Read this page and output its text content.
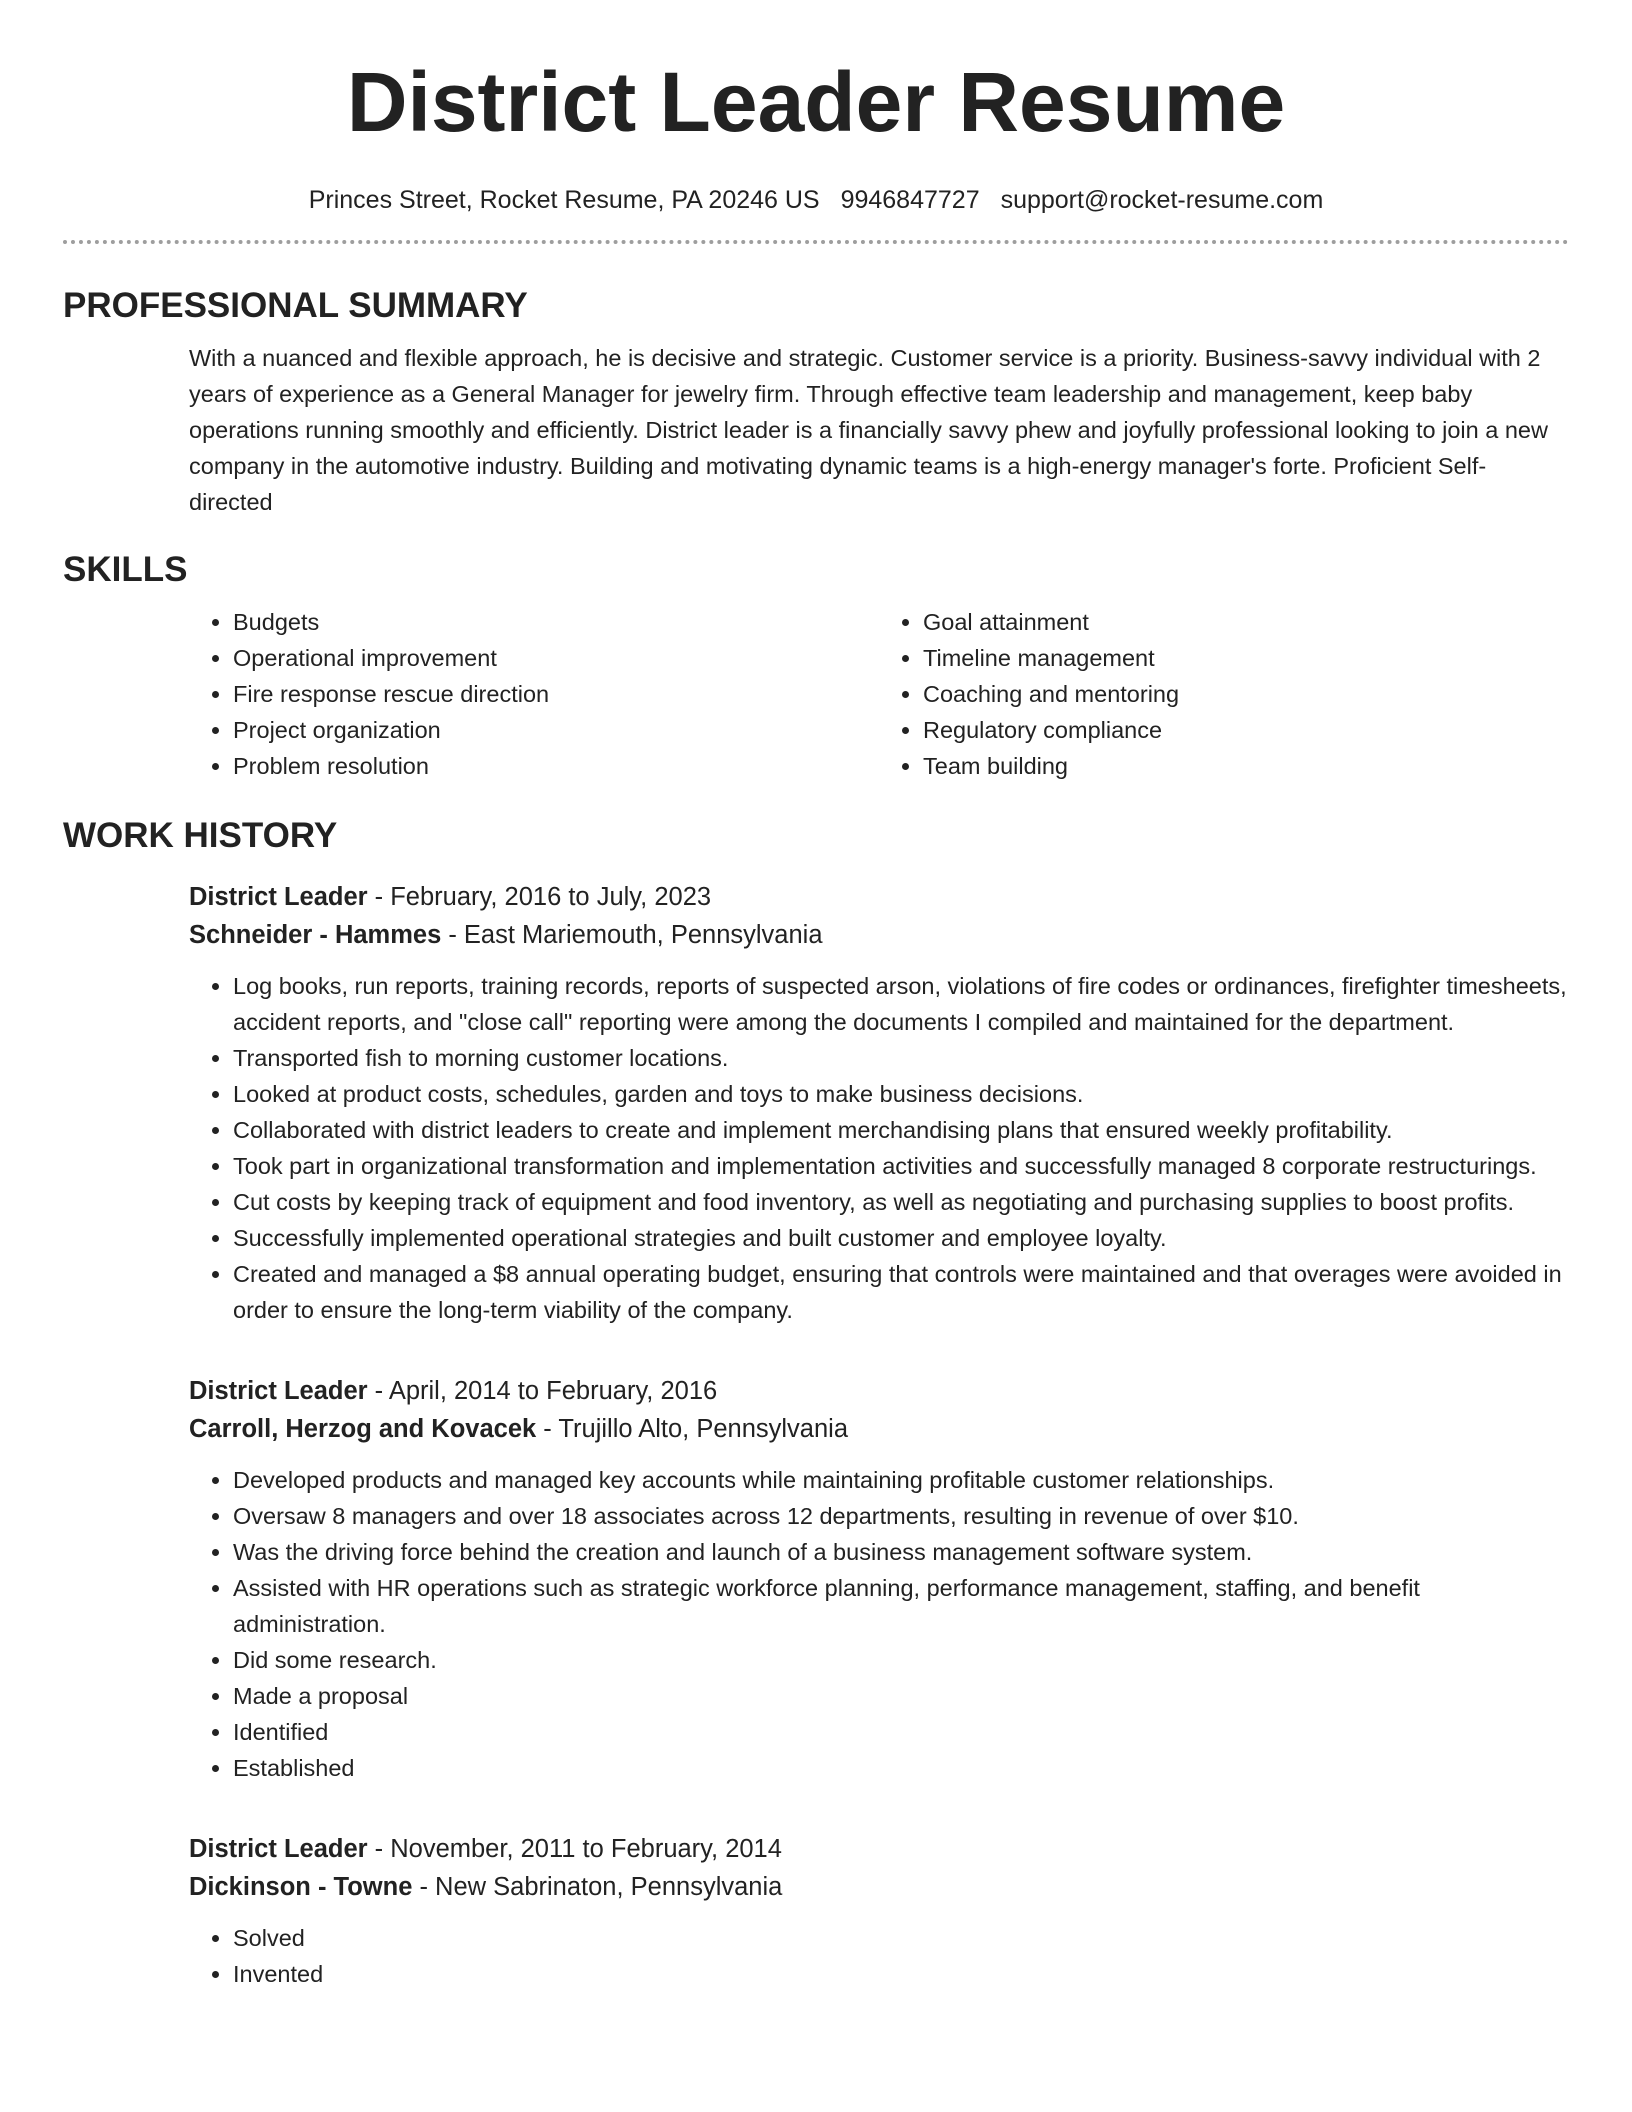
District Leader Resume
Princes Street, Rocket Resume, PA 20246 US 9946847727 support@rocket-resume.com
PROFESSIONAL SUMMARY

With a nuanced and flexible approach, he is decisive and strategic. Customer service is a priority. Business-savvy individual with 2 years of experience as a General Manager for jewelry firm. Through effective team leadership and management, keep baby operations running smoothly and efficiently. District leader is a financially savvy phew and joyfully professional looking to join a new company in the automotive industry. Building and motivating dynamic teams is a high-energy manager's forte. Proficient Self-directed

SKILLS
• Budgets
• Operational improvement
• Fire response rescue direction
• Project organization
• Problem resolution
• Goal attainment
• Timeline management
• Coaching and mentoring
• Regulatory compliance
• Team building
WORK HISTORY
District Leader - February, 2016 to July, 2023
Schneider - Hammes - East Mariemouth, Pennsylvania
• Log books, run reports, training records, reports of suspected arson, violations of fire codes or ordinances, firefighter timesheets, accident reports, and "close call" reporting were among the documents I compiled and maintained for the department.
• Transported fish to morning customer locations.
• Looked at product costs, schedules, garden and toys to make business decisions.
• Collaborated with district leaders to create and implement merchandising plans that ensured weekly profitability.
• Took part in organizational transformation and implementation activities and successfully managed 8 corporate restructurings.
• Cut costs by keeping track of equipment and food inventory, as well as negotiating and purchasing supplies to boost profits.
• Successfully implemented operational strategies and built customer and employee loyalty.
• Created and managed a $8 annual operating budget, ensuring that controls were maintained and that overages were avoided in order to ensure the long-term viability of the company.
District Leader - April, 2014 to February, 2016
Carroll, Herzog and Kovacek - Trujillo Alto, Pennsylvania
• Developed products and managed key accounts while maintaining profitable customer relationships.
• Oversaw 8 managers and over 18 associates across 12 departments, resulting in revenue of over $10.
• Was the driving force behind the creation and launch of a business management software system.
• Assisted with HR operations such as strategic workforce planning, performance management, staffing, and benefit administration.
• Did some research.
• Made a proposal
• Identified
• Established
District Leader - November, 2011 to February, 2014
Dickinson - Towne - New Sabrinaton, Pennsylvania
• Solved
• Invented
